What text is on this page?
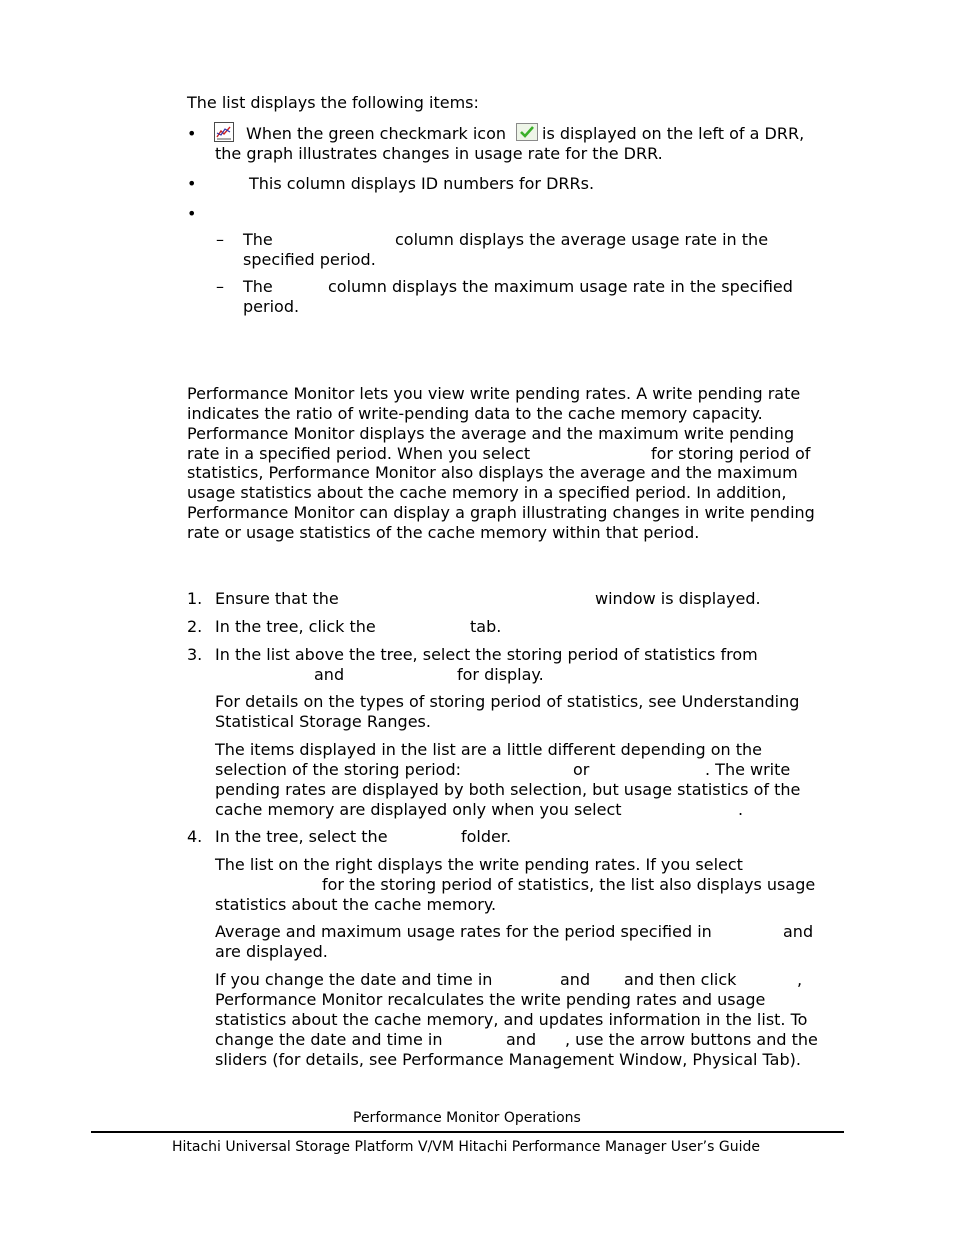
The list displays the following items:
•	When the green checkmark icon is displayed on the left of a DRR,
the graph illustrates changes in usage rate for the DRR.
•	This column displays ID numbers for DRRs.
•
– The	column displays the average usage rate in the
specified period.
– The	column displays the maximum usage rate in the specified
period.
Performance Monitor lets you view write pending rates. A write pending rate
indicates the ratio of write-pending data to the cache memory capacity.
Performance Monitor displays the average and the maximum write pending
rate in a specified period. When you select	for storing period of
statistics, Performance Monitor also displays the average and the maximum
usage statistics about the cache memory in a specified period. In addition,
Performance Monitor can display a graph illustrating changes in write pending
rate or usage statistics of the cache memory within that period.
1. Ensure that the	window is displayed.
2. In the tree, click the	tab.
3. In the list above the tree, select the storing period of statistics from
and	for display.
For details on the types of storing period of statistics, see Understanding
Statistical Storage Ranges.
The items displayed in the list are a little different depending on the
selection of the storing period:	or	. The write
pending rates are displayed by both selection, but usage statistics of the
cache memory are displayed only when you select	.
4. In the tree, select the	folder.
The list on the right displays the write pending rates. If you select
for the storing period of statistics, the list also displays usage
statistics about the cache memory.
Average and maximum usage rates for the period specified in	and
are displayed.
If you change the date and time in	and and then click	,
Performance Monitor recalculates the write pending rates and usage
statistics about the cache memory, and updates information in the list. To
change the date and time in	and , use the arrow buttons and the
sliders (for details, see Performance Management Window, Physical Tab).
Performance Monitor Operations
Hitachi Universal Storage Platform V/VM Hitachi Performance Manager User’s Guide
